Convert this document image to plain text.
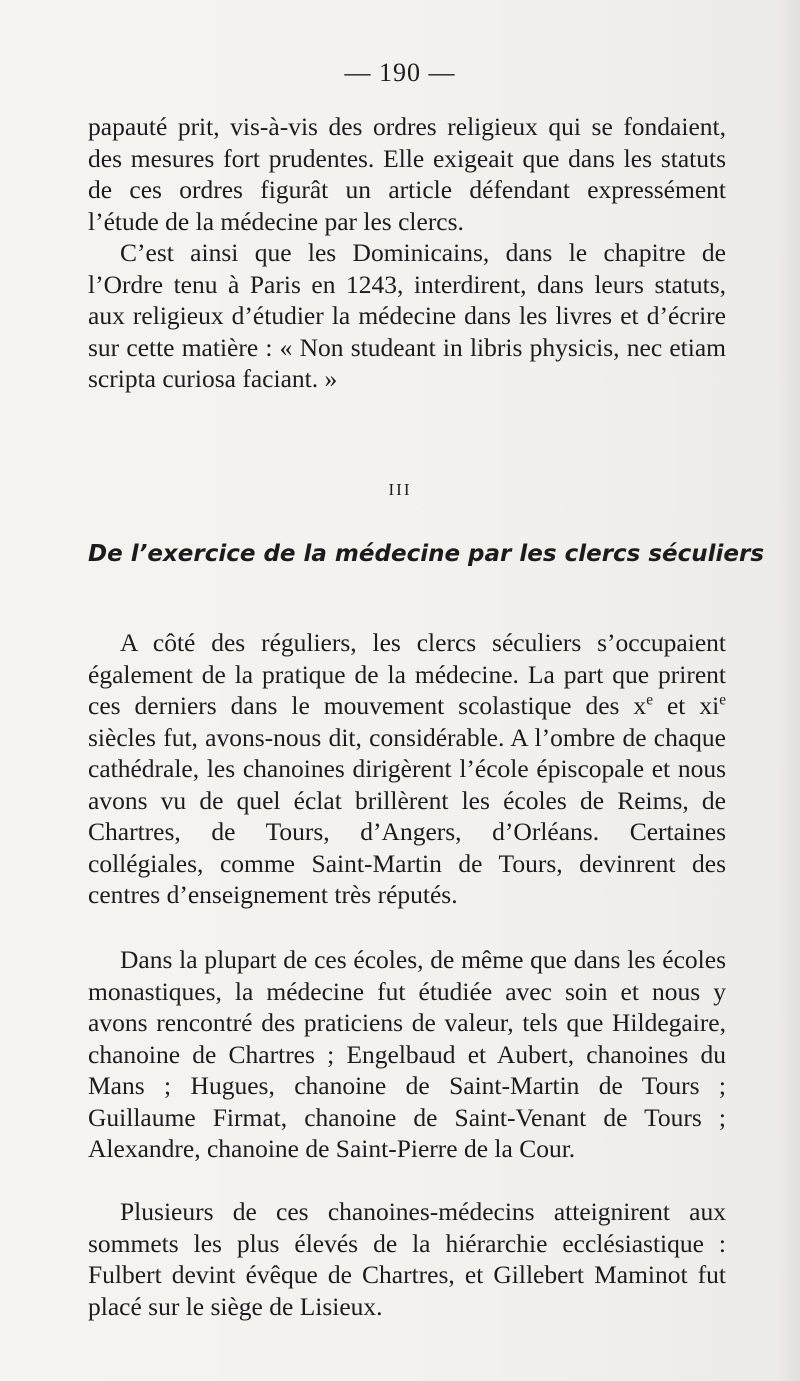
— 190 —

papauté prit, vis-à-vis des ordres religieux qui se fondaient, des mesures fort prudentes. Elle exigeait que dans les statuts de ces ordres figurât un article défendant expressément l’étude de la médecine par les clercs.

C’est ainsi que les Dominicains, dans le chapitre de l’Ordre tenu à Paris en 1243, interdirent, dans leurs statuts, aux religieux d’étudier la médecine dans les livres et d’écrire sur cette matière : « Non studeant in libris physicis, nec etiam scripta curiosa faciant. »

III
De l’exercice de la médecine par les clercs séculiers

A côté des réguliers, les clercs séculiers s’occupaient également de la pratique de la médecine. La part que prirent ces derniers dans le mouvement scolastique des $x^e$ et $xi^e$ siècles fut, avons-nous dit, considérable. A l’ombre de chaque cathédrale, les chanoines dirigèrent l’école épiscopale et nous avons vu de quel éclat brillèrent les écoles de Reims, de Chartres, de Tours, d’Angers, d’Orléans. Certaines collégiales, comme Saint-Martin de Tours, devinrent des centres d’enseignement très réputés.

Dans la plupart de ces écoles, de même que dans les écoles monastiques, la médecine fut étudiée avec soin et nous y avons rencontré des praticiens de valeur, tels que Hildegaire, chanoine de Chartres ; Engelbaud et Aubert, chanoines du Mans ; Hugues, chanoine de Saint-Martin de Tours ; Guillaume Firmat, chanoine de Saint-Venant de Tours ; Alexandre, chanoine de Saint-Pierre de la Cour.

Plusieurs de ces chanoines-médecins atteignirent aux sommets les plus élevés de la hiérarchie ecclésiastique : Fulbert devint évêque de Chartres, et Gillebert Maminot fut placé sur le siège de Lisieux.
